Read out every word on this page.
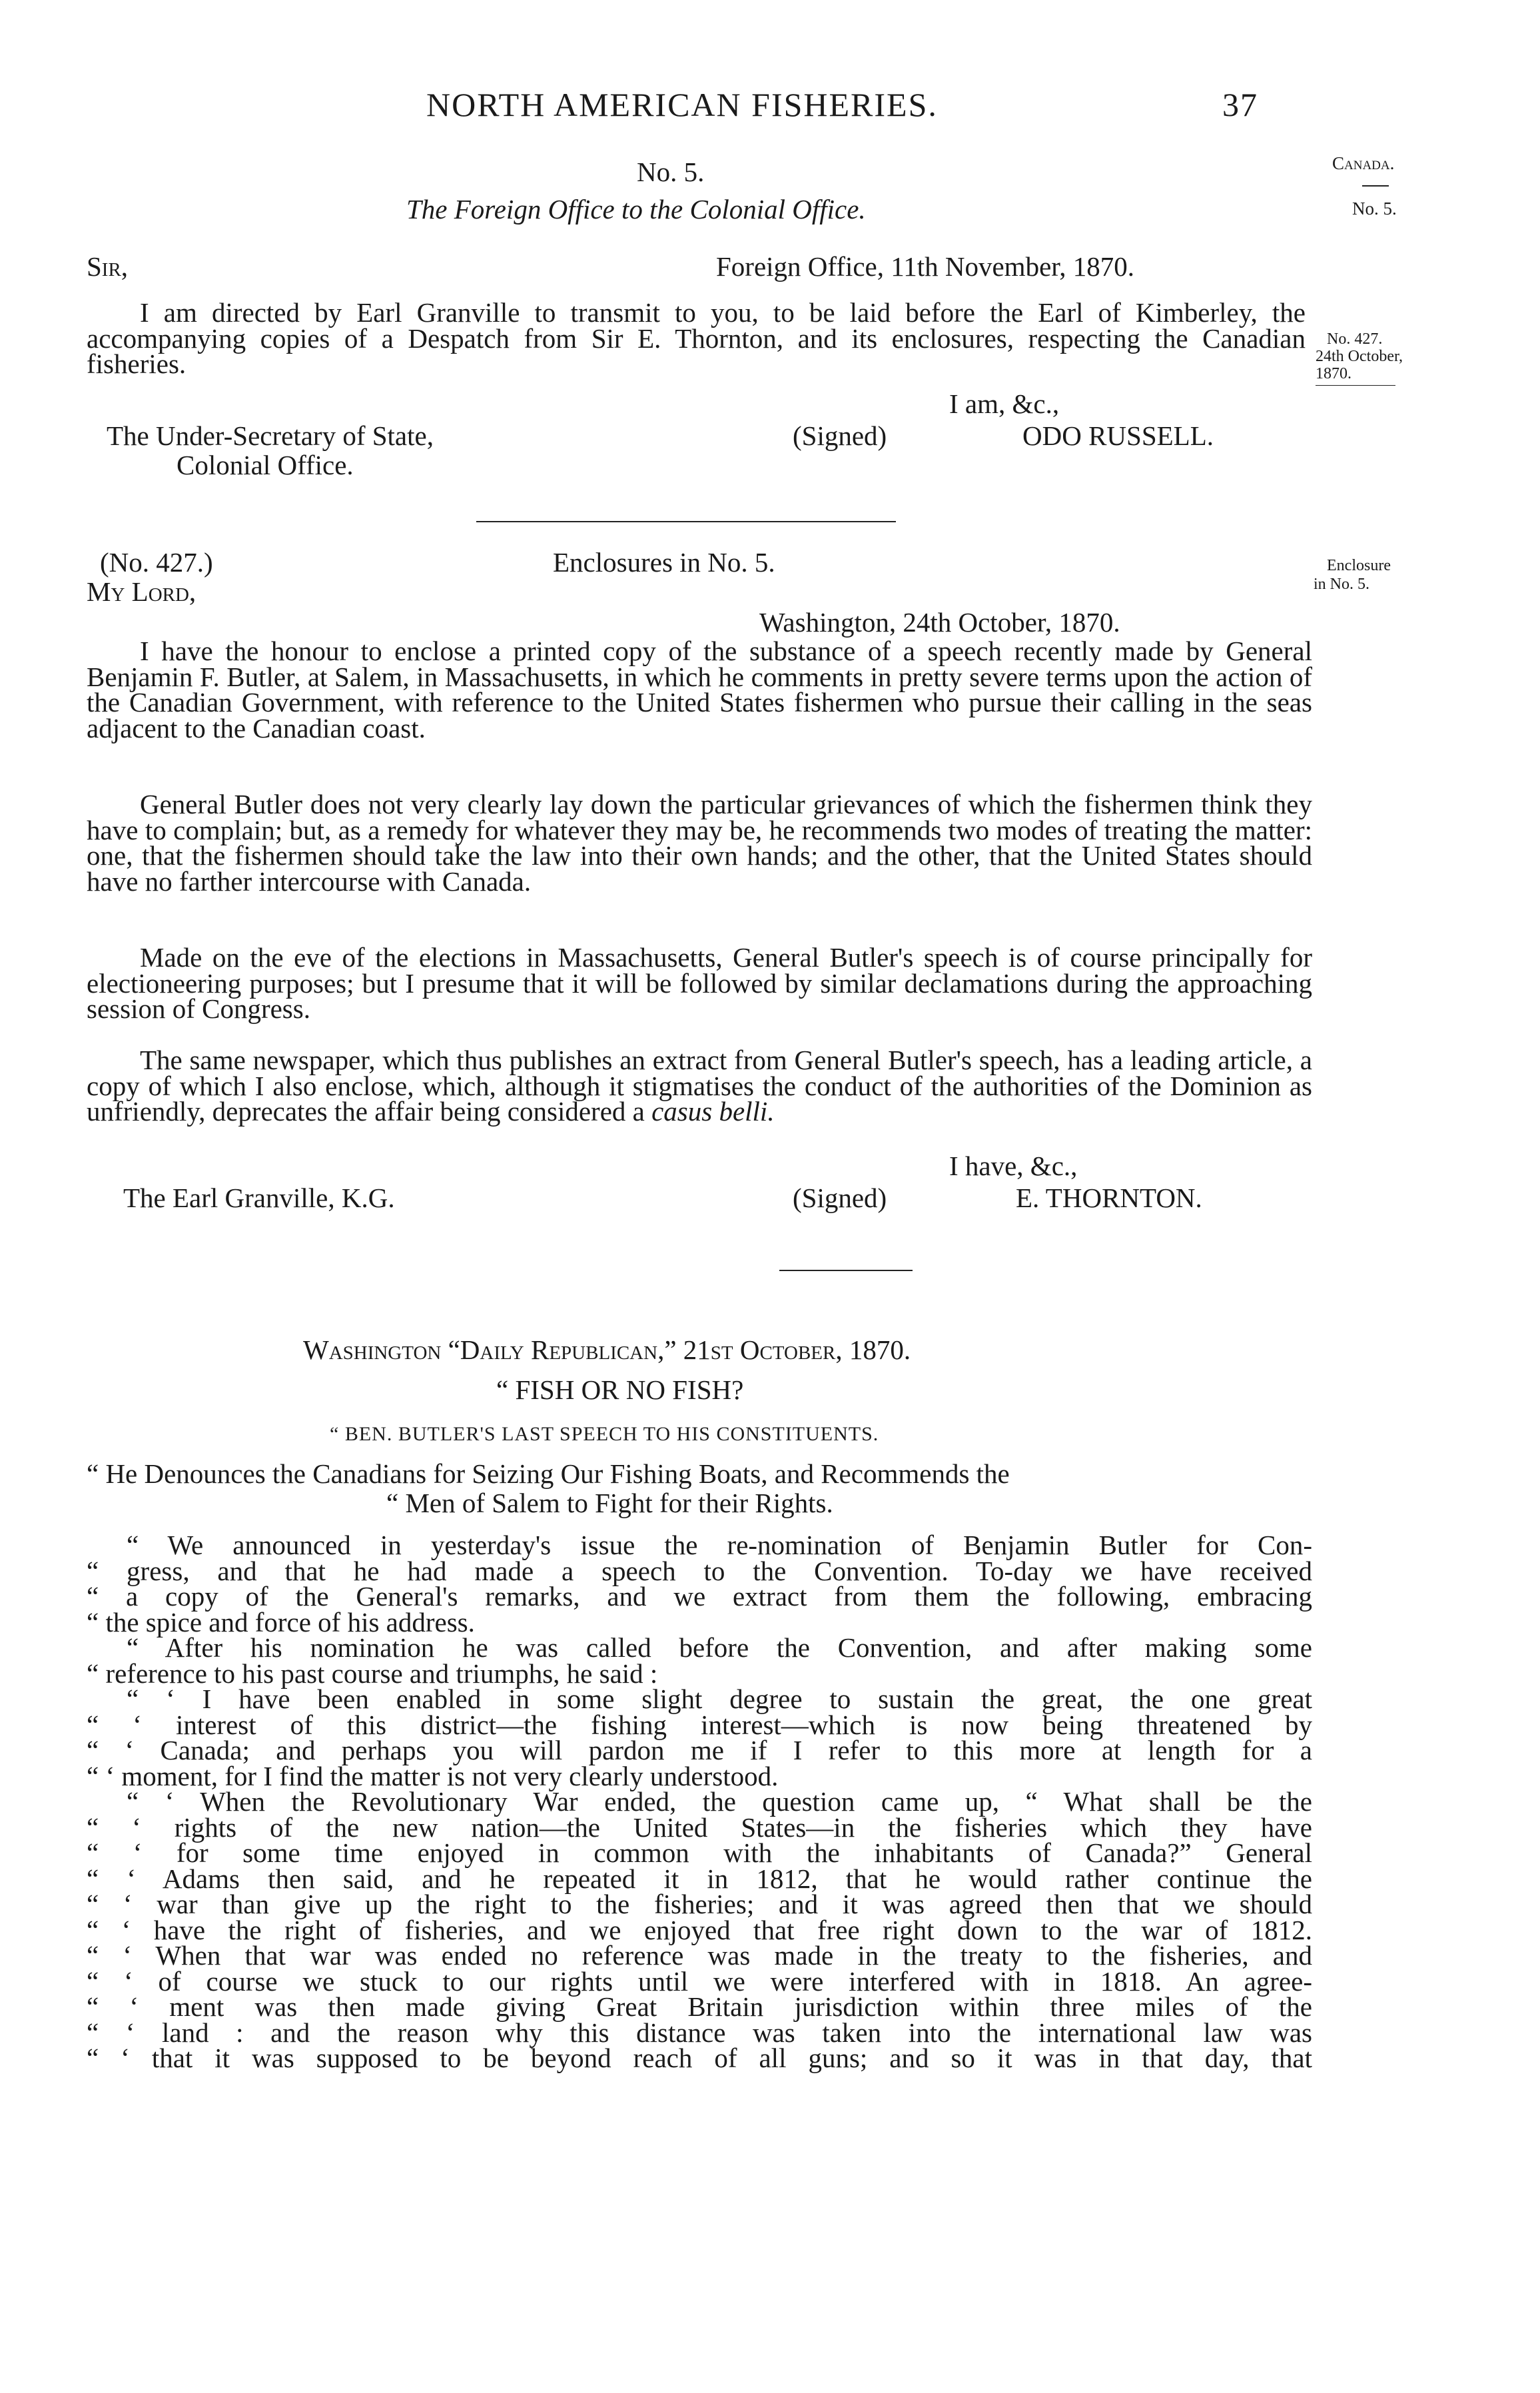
NORTH AMERICAN FISHERIES.	37
Canada.
No. 5.
No. 427.
24th October,
1870.
Enclosure
in No. 5.
No. 5.
The Foreign Office to the Colonial Office.
Sir,	Foreign Office, 11th November, 1870.
I am directed by Earl Granville to transmit to you, to be laid before the Earl of Kimberley, the accompanying copies of a Despatch from Sir E. Thornton, and its enclosures, respecting the Canadian fisheries.
I am, &c.,
The Under-Secretary of State,
Colonial Office.
(Signed)	ODO RUSSELL.
(No. 427.)	Enclosures in No. 5.
My Lord,
Washington, 24th October, 1870.
I have the honour to enclose a printed copy of the substance of a speech recently made by General Benjamin F. Butler, at Salem, in Massachusetts, in which he comments in pretty severe terms upon the action of the Canadian Government, with reference to the United States fishermen who pursue their calling in the seas adjacent to the Canadian coast.
General Butler does not very clearly lay down the particular grievances of which the fishermen think they have to complain; but, as a remedy for whatever they may be, he recommends two modes of treating the matter: one, that the fishermen should take the law into their own hands; and the other, that the United States should have no farther intercourse with Canada.
Made on the eve of the elections in Massachusetts, General Butler's speech is of course principally for electioneering purposes; but I presume that it will be followed by similar declamations during the approaching session of Congress.
The same newspaper, which thus publishes an extract from General Butler's speech, has a leading article, a copy of which I also enclose, which, although it stigmatises the conduct of the authorities of the Dominion as unfriendly, deprecates the affair being considered a casus belli.
I have, &c.,
The Earl Granville, K.G.	(Signed)	E. THORNTON.
Washington “Daily Republican,” 21st October, 1870.
“ FISH OR NO FISH?
“ BEN. BUTLER'S LAST SPEECH TO HIS CONSTITUENTS.
“ He Denounces the Canadians for Seizing Our Fishing Boats, and Recommends the
“ Men of Salem to Fight for their Rights.
“ We announced in yesterday's issue the re-nomination of Benjamin Butler for Con-
“ gress, and that he had made a speech to the Convention. To-day we have received
“ a copy of the General's remarks, and we extract from them the following, embracing
“ the spice and force of his address.
“ After his nomination he was called before the Convention, and after making some
“ reference to his past course and triumphs, he said :
“ ‘ I have been enabled in some slight degree to sustain the great, the one great
“ ‘ interest of this district—the fishing interest—which is now being threatened by
“ ‘ Canada; and perhaps you will pardon me if I refer to this more at length for a
“ ‘ moment, for I find the matter is not very clearly understood.
“ ‘ When the Revolutionary War ended, the question came up, “ What shall be the
“ ‘ rights of the new nation—the United States—in the fisheries which they have
“ ‘ for some time enjoyed in common with the inhabitants of Canada?” General
“ ‘ Adams then said, and he repeated it in 1812, that he would rather continue the
“ ‘ war than give up the right to the fisheries; and it was agreed then that we should
“ ‘ have the right of fisheries, and we enjoyed that free right down to the war of 1812.
“ ‘ When that war was ended no reference was made in the treaty to the fisheries, and
“ ‘ of course we stuck to our rights until we were interfered with in 1818. An agree-
“ ‘ ment was then made giving Great Britain jurisdiction within three miles of the
“ ‘ land : and the reason why this distance was taken into the international law was
“ ‘ that it was supposed to be beyond reach of all guns; and so it was in that day, that
